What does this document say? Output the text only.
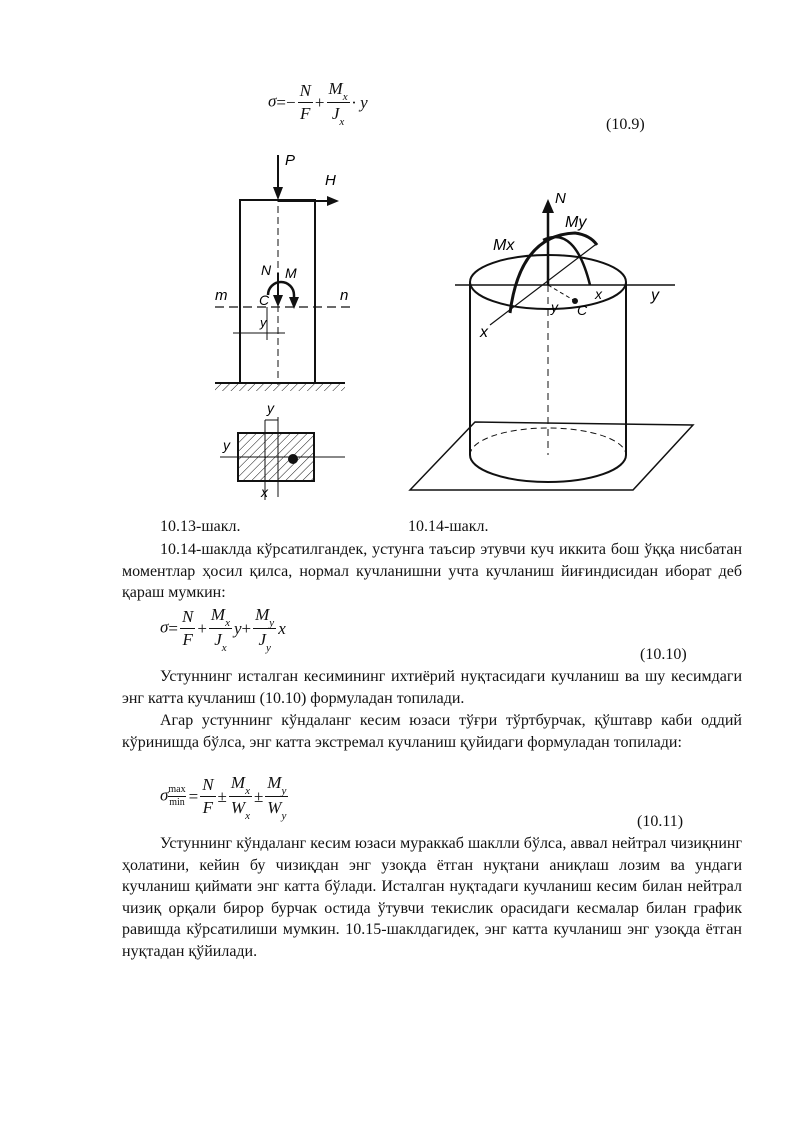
$\sigma=- \frac{N}{F} + \frac{M_x}{J_x} \cdot y$
(10.9)
P
H
m	n
N M
C
y
y
y
x
y
x
N
Mx
My
C
y
x
10.13-шакл.	10.14-шакл.
10.14-шаклда кўрсатилгандек, устунга таъсир этувчи куч иккита бош ўққа нисбатан моментлар ҳосил қилса, нормал кучланишни учта кучланиш йиғиндисидан иборат деб қараш мумкин:
$\sigma= \frac{N}{F} + \frac{M_x}{J_x} y+ \frac{M_y}{J_y}$ x
(10.10)
Устуннинг исталган кесимининг ихтиёрий нуқтасидаги кучланиш ва шу кесимдаги энг катта кучланиш (10.10) формуладан топилади.
Агар устуннинг кўндаланг кесим юзаси тўғри тўртбурчак, қўштавр каби оддий кўринишда бўлса, энг катта экстремал кучланиш қуйидаги формуладан топилади:
σ max
$\min = \frac{N}{F} \pm \frac{M_x}{W_x} \pm \frac{M_y}{W_y}$
(10.11)
Устуннинг кўндаланг кесим юзаси мураккаб шаклли бўлса, аввал нейтрал чизиқнинг ҳолатини, кейин бу чизиқдан энг узоқда ётган нуқтани аниқлаш лозим ва ундаги кучланиш қиймати энг катта бўлади. Исталган нуқтадаги кучланиш кесим билан нейтрал чизиқ орқали бирор бурчак остида ўтувчи текислик орасидаги кесмалар билан график равишда кўрсатилиши мумкин. 10.15-шаклдагидек, энг катта кучланиш энг узоқда ётган нуқтадан қўйилади.
